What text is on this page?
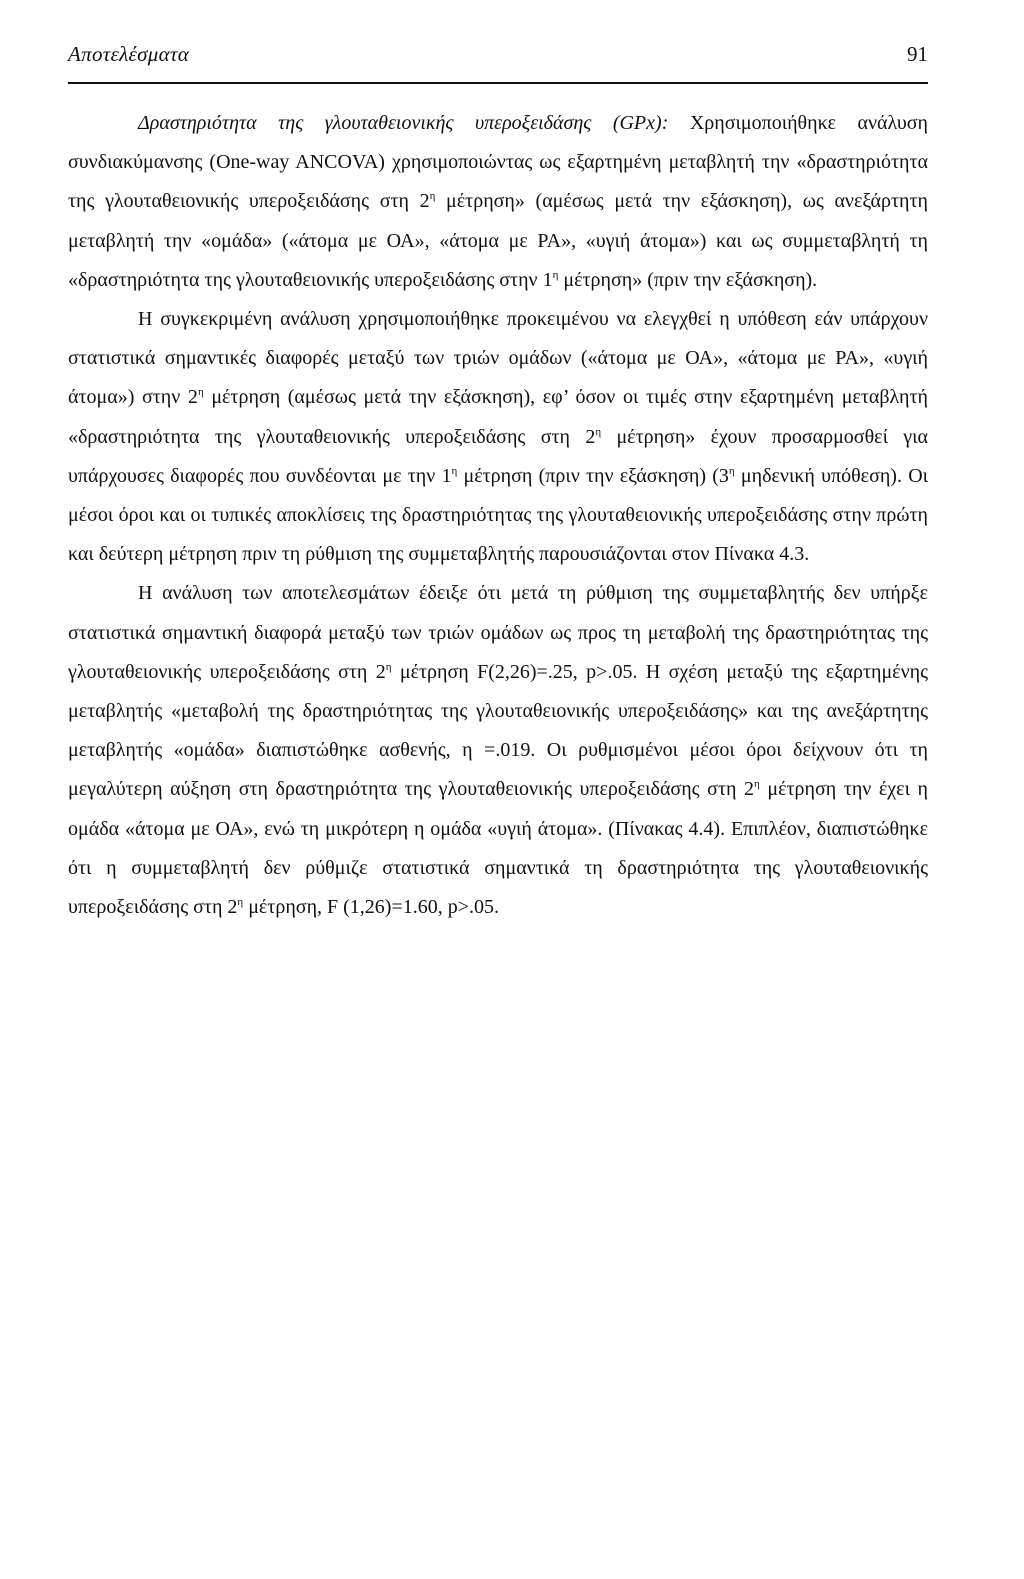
Αποτελέσματα	91

Δραστηριότητα της γλουταθειονικής υπεροξειδάσης (GPx): Χρησιμοποιήθηκε ανάλυση συνδιακύμανσης (One-way ANCOVA) χρησιμοποιώντας ως εξαρτημένη μεταβλητή την «δραστηριότητα της γλουταθειονικής υπεροξειδάσης στη $2^\eta$ μέτρηση» (αμέσως μετά την εξάσκηση), ως ανεξάρτητη μεταβλητή την «ομάδα» («άτομα με ΟΑ», «άτομα με ΡΑ», «υγιή άτομα») και ως συμμεταβλητή τη «δραστηριότητα της γλουταθειονικής υπεροξειδάσης στην $1^\eta$ μέτρηση» (πριν την εξάσκηση).

Η συγκεκριμένη ανάλυση χρησιμοποιήθηκε προκειμένου να ελεγχθεί η υπόθεση εάν υπάρχουν στατιστικά σημαντικές διαφορές μεταξύ των τριών ομάδων («άτομα με ΟΑ», «άτομα με ΡΑ», «υγιή άτομα») στην $2^\eta$ μέτρηση (αμέσως μετά την εξάσκηση), εφ’ όσον οι τιμές στην εξαρτημένη μεταβλητή «δραστηριότητα της γλουταθειονικής υπεροξειδάσης στη $2^\eta$ μέτρηση» έχουν προσαρμοσθεί για υπάρχουσες διαφορές που συνδέονται με την $1^\eta$ μέτρηση (πριν την εξάσκηση) ($3^\eta$ μηδενική υπόθεση). Οι μέσοι όροι και οι τυπικές αποκλίσεις της δραστηριότητας της γλουταθειονικής υπεροξειδάσης στην πρώτη και δεύτερη μέτρηση πριν τη ρύθμιση της συμμεταβλητής παρουσιάζονται στον Πίνακα 4.3.

Η ανάλυση των αποτελεσμάτων έδειξε ότι μετά τη ρύθμιση της συμμεταβλητής δεν υπήρξε στατιστικά σημαντική διαφορά μεταξύ των τριών ομάδων ως προς τη μεταβολή της δραστηριότητας της γλουταθειονικής υπεροξειδάσης στη $2^\eta$ μέτρηση F(2,26)=.25, p>.05. Η σχέση μεταξύ της εξαρτημένης μεταβλητής «μεταβολή της δραστηριότητας της γλουταθειονικής υπεροξειδάσης» και της ανεξάρτητης μεταβλητής «ομάδα» διαπιστώθηκε ασθενής, η =.019. Οι ρυθμισμένοι μέσοι όροι δείχνουν ότι τη μεγαλύτερη αύξηση στη δραστηριότητα της γλουταθειονικής υπεροξειδάσης στη $2^\eta$ μέτρηση την έχει η ομάδα «άτομα με ΟΑ», ενώ τη μικρότερη η ομάδα «υγιή άτομα». (Πίνακας 4.4). Επιπλέον, διαπιστώθηκε ότι η συμμεταβλητή δεν ρύθμιζε στατιστικά σημαντικά τη δραστηριότητα της γλουταθειονικής υπεροξειδάσης στη $2^\eta$ μέτρηση, F (1,26)=1.60, p>.05.
